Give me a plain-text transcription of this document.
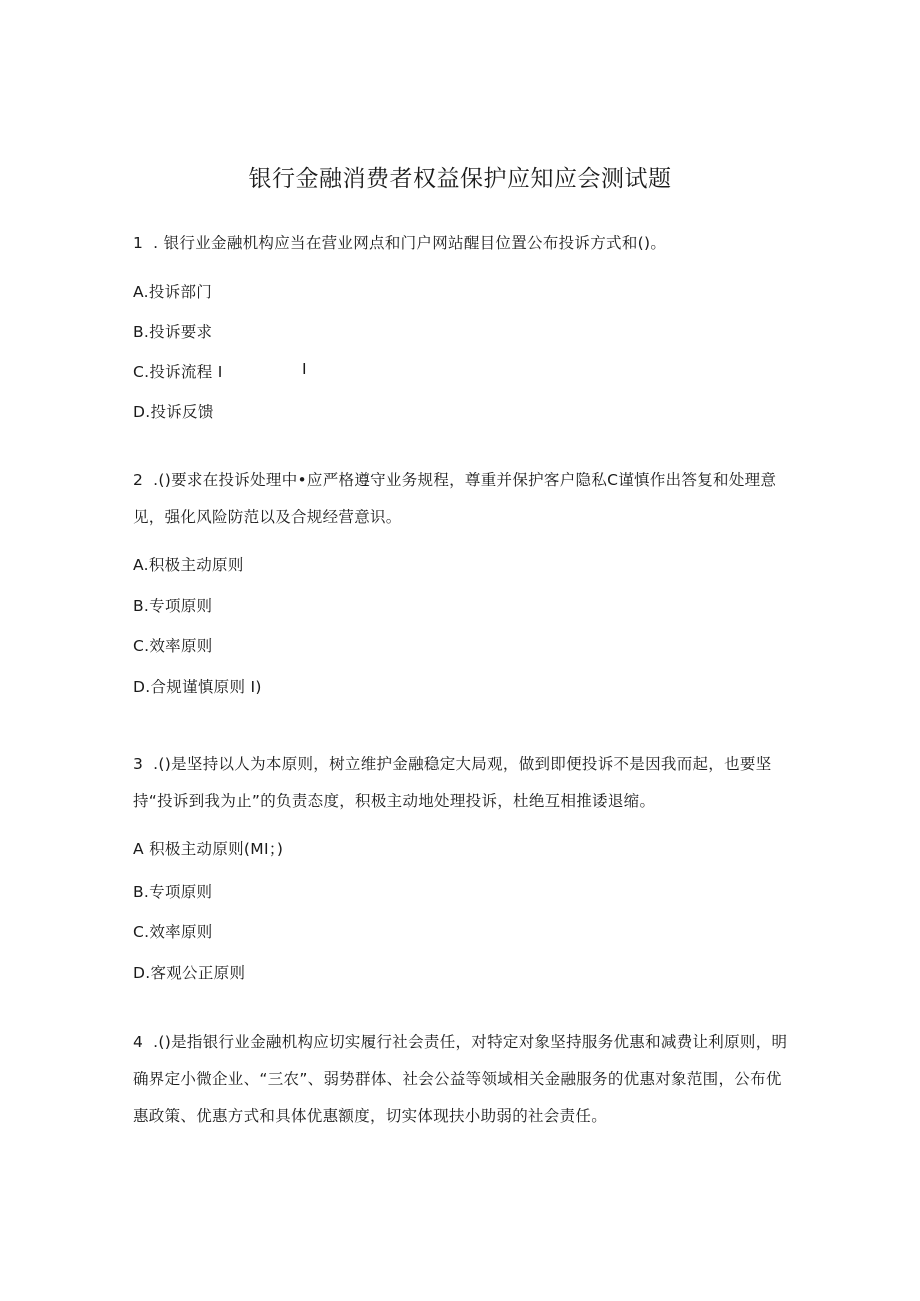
银行金融消费者权益保护应知应会测试题
1 . 银行业金融机构应当在营业网点和门户网站醒目位置公布投诉方式和()。
A.投诉部门
B.投诉要求
C.投诉流程 I	I
D.投诉反馈
2 .()要求在投诉处理中•应严格遵守业务规程，尊重并保护客户隐私C谨慎作出答复和处理意见，强化风险防范以及合规经营意识。
A.积极主动原则
B.专项原则
C.效率原则
D.合规谨慎原则 I)
3 .()是坚持以人为本原则，树立维护金融稳定大局观，做到即便投诉不是因我而起，也要坚持“投诉到我为止”的负责态度，积极主动地处理投诉，杜绝互相推诿退缩。
A 积极主动原则(MI；)
B.专项原则
C.效率原则
D.客观公正原则
4 .()是指银行业金融机构应切实履行社会责任，对特定对象坚持服务优惠和减费让利原则，明确界定小微企业、“三农”、弱势群体、社会公益等领域相关金融服务的优惠对象范围，公布优惠政策、优惠方式和具体优惠额度，切实体现扶小助弱的社会责任。
